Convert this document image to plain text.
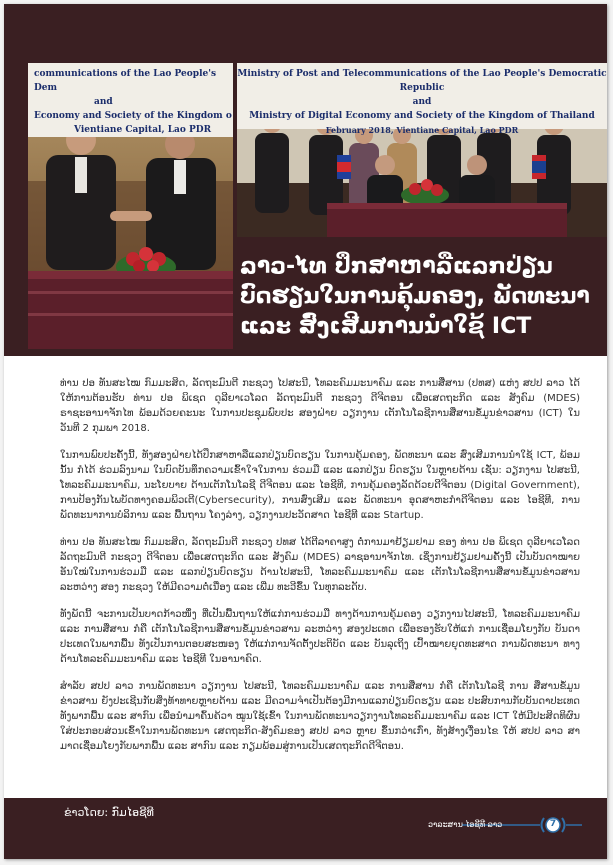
communications of the Lao People's Dem
and
Economy and Society of the Kingdom o
Vientiane Capital, Lao PDR
Ministry of Post and Telecommunications of the Lao People's Democratic Republic
and
Ministry of Digital Economy and Society of the Kingdom of Thailand
February 2018, Vientiane Capital, Lao PDR
ລາວ-ໄທ ປຶກສາຫາລືແລກປ່ຽນ
ບົດຮຽນໃນການຄຸ້ມຄອງ, ພັດທະນາ
ແລະ ສົ່ງເສີມການນຳໃຊ້ ICT

ທ່ານ ປອ ທັນສະໄໝ ກົມມະສິດ, ລັດຖະມົນຕີ ກະຊວງ ໄປສະນີ, ໂທລະຄົມມະນາຄົມ ແລະ ການສື່ສານ (ປທສ) ແຫ່ງ ສປປ ລາວ ໄດ້ໃຫ້ການຕ້ອນຮັບ ທ່ານ ປອ ພິເຊດ ດຸລີຍາເວໂລດ ລັດຖະມົນຕີ ກະຊວງ ດີຈີຕອນ ເພື່ອເສດຖະກິດ ແລະ ສັງຄົມ (MDES) ຣາຊະອານາຈັກໄທ ພ້ອມດ້ວຍຄະນະ ໃນການປະຊຸມພົບປະ ສອງຝ່າຍ ວຽກງານ ເຕັກໂນໂລຊີການສື່ສານຂໍ້ມູນຂ່າວສານ (ICT) ໃນວັນທີ 2 ກຸມພາ 2018.

ໃນການພົບປະຄັ້ງນີ້, ທັງສອງຝ່າຍໄດ້ປຶກສາຫາລືແລກປ່ຽນບົດຮຽນ ໃນການຄຸ້ມຄອງ, ພັດທະນາ ແລະ ສົ່ງເສີມການນຳໃຊ້ ICT, ພ້ອມນັ້ນ ກໍໄດ້ ຮ່ວມລົງນາມ ໃນບົດບັນທຶກຄວາມເຂົ້າໃຈໃນການ ຮ່ວມມື ແລະ ແລກປ່ຽນ ບົດຮຽນ ໃນຫຼາຍດ້ານ ເຊັ່ນ: ວຽກງານ ໄປສະນີ, ໂທລະຄົມມະນາຄົມ, ນະໂຍບາຍ ດ້ານເຕັກໂນໂລຊີ ດີຈີຕອນ ແລະ ໄອຊີທີ, ການຄຸ້ມຄອງລັດດ້ວຍດີຈີຕອນ (Digital Government), ການປ້ອງກັນໄພບັດທາງຄອມພິວເຕີ(Cybersecurity), ການສົ່ງເສີມ ແລະ ພັດທະນາ ອຸດສາຫະກຳດີຈີຕອນ ແລະ ໄອຊີທີ, ການພັດທະນາການບໍລິການ ແລະ ພື້ນຖານ ໂຄງລ່າງ, ວຽກງານປະວັດສາດ ໄອຊີທີ ແລະ Startup.

ທ່ານ ປອ ທັນສະໄໝ ກົມມະສິດ, ລັດຖະມົນຕີ ກະຊວງ ປທສ ໄດ້ຕີລາຄາສູງ ຕໍ່ການມາຢ້ຽມຢາມ ຂອງ ທ່ານ ປອ ພິເຊດ ດຸລີຍາເວໂລດ ລັດຖະມົນຕີ ກະຊວງ ດີຈີຕອນ ເພື່ອເສດຖະກິດ ແລະ ສັງຄົມ (MDES) ລາຊອານາຈັກໄທ. ເຊິ່ງການຢ້ຽມຢາມຄັ້ງນີ້ ເປັນບັນດາໝາຍ ອັນໃໝ່ໃນການຮ່ວມມື ແລະ ແລກປ່ຽນບົດຮຽນ ດ້ານໄປສະນີ, ໂທລະຄົມມະນາຄົມ ແລະ ເຕັກໂນໂລຊີການສື່ສານຂໍ້ມູນຂ່າວສານ ລະຫວ່າງ ສອງ ກະຊວງ ໃຫ້ມີຄວາມຕໍ່ເນື່ອງ ແລະ ເພີ່ມ ທະວີຂຶ້ນ ໃນທຸກລະດັບ.

ທັງພັດນີ້ ຈະການເປັນບາດກ້າວໜຶ່ງ ທີ່ເປັນພື້ນຖານໃຫ້ແກ່ການຮ່ວມມື ທາງດ້ານການຄຸ້ມຄອງ ວຽກງານໄປສະນີ, ໂທລະຄົມມະນາຄົມ ແລະ ການສື່ສານ ກໍຄື ເຕັກໂນໂລຊີການສື່ສານຂໍ້ມູນຂ່າວສານ ລະຫວ່າງ ສອງປະເທດ ເພື່ອຮອງຮັບໃຫ້ແກ່ ການເຊື່ອມໂຍງກັບ ບັນດາປະເທດໃນພາກພື້ນ ທັງເປັນການຕອບສະໜອງ ໃຫ້ແກ່ການຈັດຕັ້ງປະຕິບັດ ແລະ ບັນລຸເຖິງ ເປົ້າໝາຍຍຸດທະສາດ ການພັດທະນາ ທາງ ດ້ານໂທລະຄົມມະນາຄົມ ແລະ ໄອຊີທີ ໃນອານາຄົດ.

ສຳລັບ ສປປ ລາວ ການພັດທະນາ ວຽກງານ ໄປສະນີ, ໂທລະຄົມມະນາຄົມ ແລະ ການສື່ສານ ກໍຄື ເຕັກໂນໂລຊີ ການ ສື່ສານຂໍ້ມູນຂ່າວສານ ຍັງປະເຊີນກັບສິ່ງທ້າທາຍຫຼາຍດ້ານ ແລະ ມີຄວາມຈຳເປັນຕ້ອງມີການແລກປ່ຽນບົດຮຽນ ແລະ ປະສົບການກັບບັນດາປະເທດ ທັງພາກພື້ນ ແລະ ສາກົນ ເພື່ອນຳມາຄົ້ນຄ້ວາ ໝູນໃຊ້ເຂົ້າ ໃນການພັດທະນາວຽກງານໂທລະຄົມມະນາຄົມ ແລະ ICT ໃຫ້ມີປະສິດທິຜົນ ໃສ່ປະກອບສ່ວນເຂົ້າໃນການພັດທະນາ ເສດຖະກິດ-ສັງຄົມຂອງ ສປປ ລາວ ຫຼາຍ ຂຶ້ນກວ່າເກົ່າ, ທັງສ້າງເງື່ອນໄຂ ໃຫ້ ສປປ ລາວ ສາມາດເຊື່ອມໂຍງກັບພາກພື້ນ ແລະ ສາກົນ ແລະ ກຽມພ້ອມສູ່ການເປັນເສດຖະກິດດີຈີຕອນ.

ຂ່າວໂດຍ: ກົມໄອຊີທີ
ວາລະສານ ໄອຊີທີ ລາວ	7
